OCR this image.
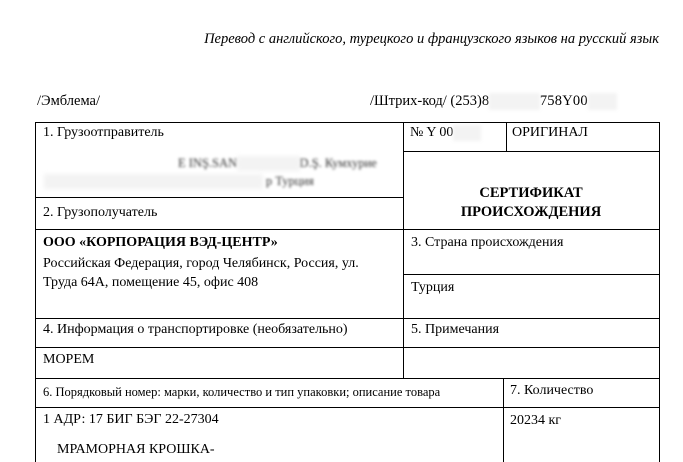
Перевод с английского, турецкого и французского языков на русский язык
/Эмблема/	/Штрих-код/ (253)8	758Y00
1. Грузоотправитель	№ Y 00	ОРИГИНАЛ
E INŞ.SAN	D.Ş. Кумхурие
р Турция
СЕРТИФИКАТ
ПРОИСХОЖДЕНИЯ
2. Грузополучатель
ООО «КОРПОРАЦИЯ ВЭД-ЦЕНТР»
Российская Федерация, город Челябинск, Россия, ул.
Труда 64А, помещение 45, офис 408
3. Страна происхождения
Турция
4. Информация о транспортировке (необязательно)	5. Примечания
МОРЕМ
6. Порядковый номер: марки, количество и тип упаковки; описание товара	7. Количество
1 АДР: 17 БИГ БЭГ 22-27304	20234 кг
МРАМОРНАЯ КРОШКА-
